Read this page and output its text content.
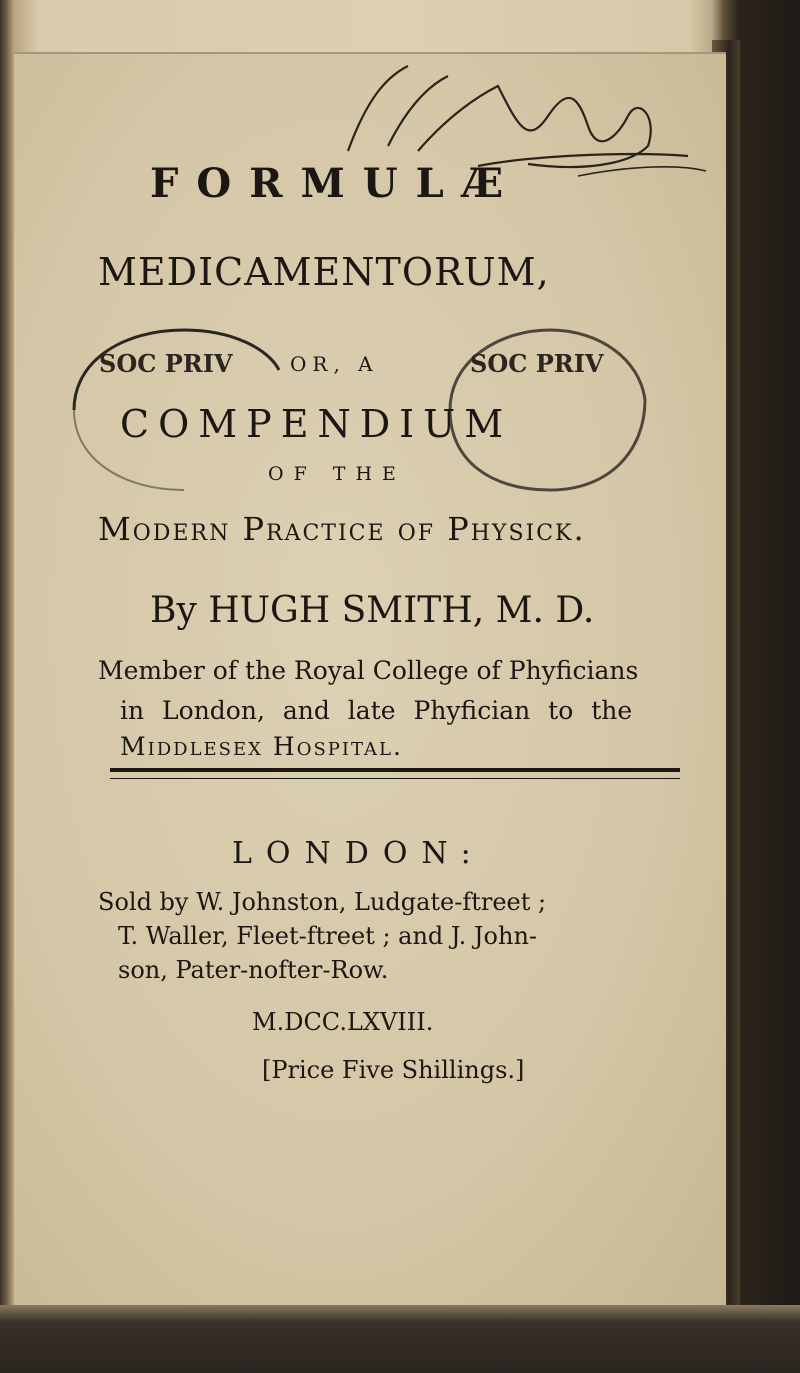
FORMULÆ
MEDICAMENTORUM,
SOC PRIV	SOC PRIV
OR, A
COMPENDIUM
OF THE
Modern Practice of Physick.
By HUGH SMITH, M. D.
Member of the Royal College of Phyficians
in London, and late Phyfician to the
Middlesex Hospital.
LONDON:
Sold by W. Johnston, Ludgate-ftreet ;
T. Waller, Fleet-ftreet ; and J. John-
son, Pater-nofter-Row.
M.DCC.LXVIII.
[Price Five Shillings.]
